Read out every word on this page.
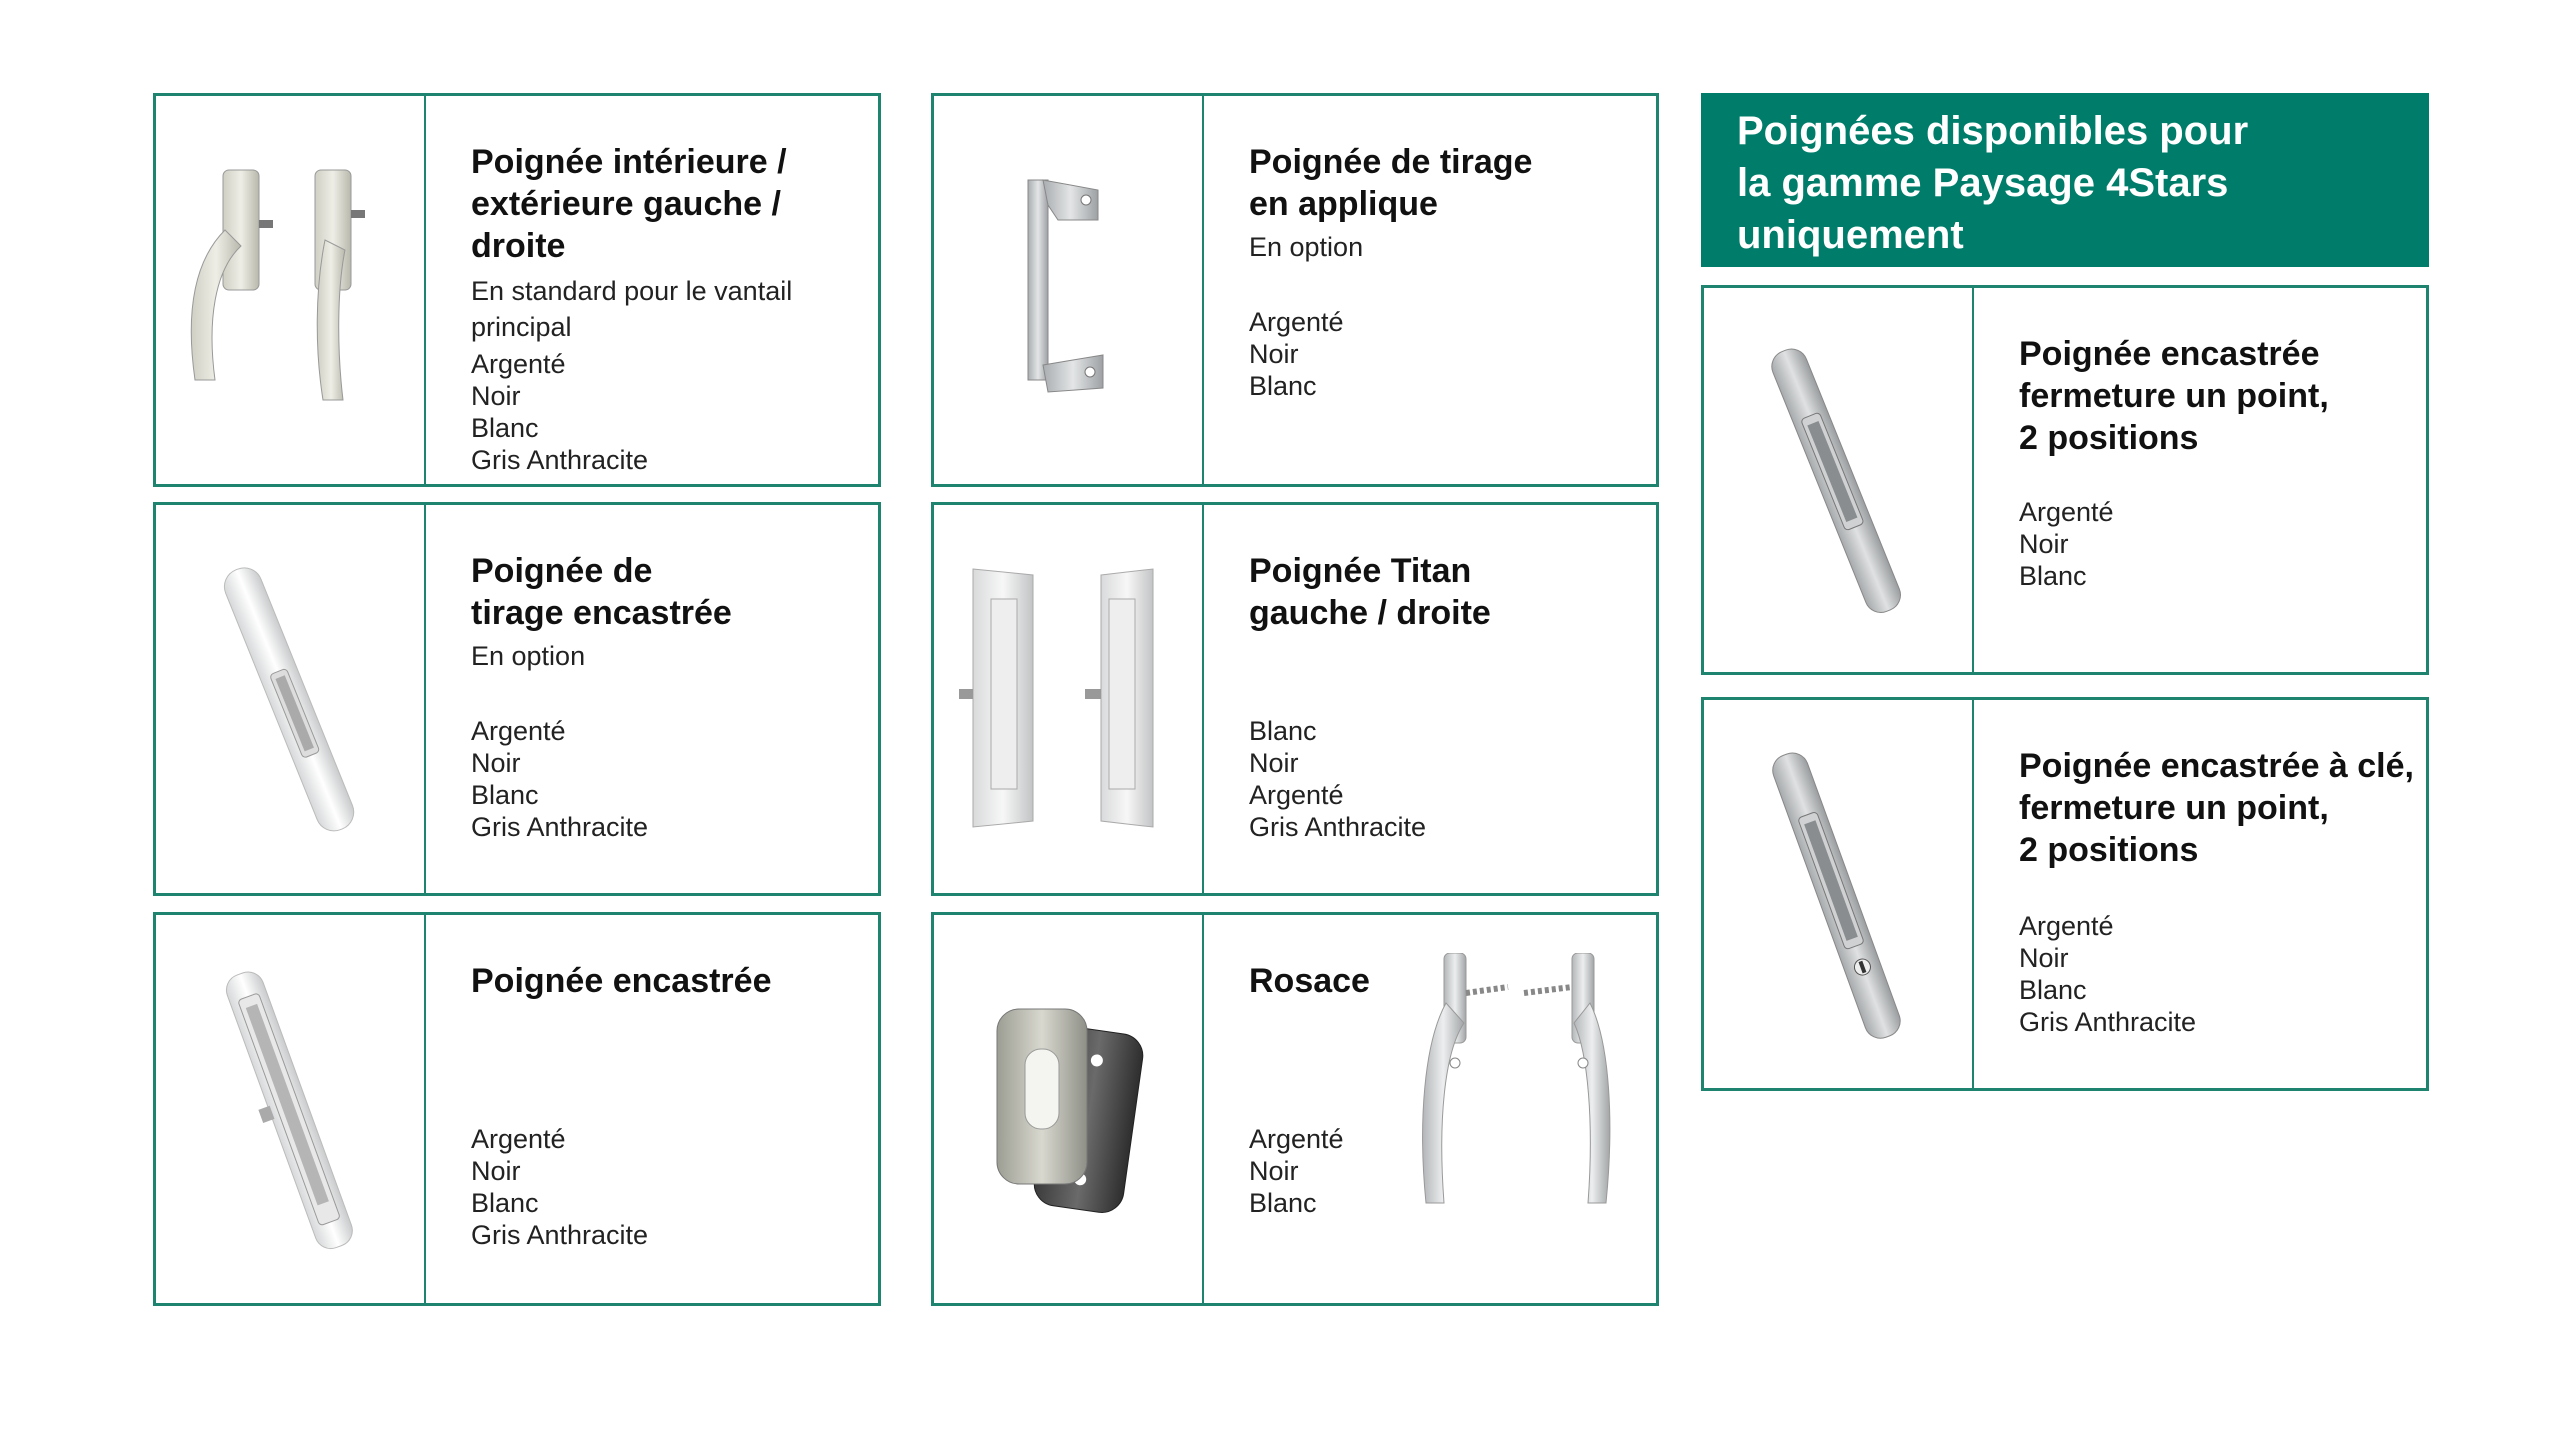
Poignées disponibles pour
la gamme Paysage 4Stars
uniquement
Poignée intérieure /
extérieure gauche /
droite
En standard pour le vantail
principal
Argenté
Noir
Blanc
Gris Anthracite
Poignée de tirage
en applique
En option
Argenté
Noir
Blanc
Poignée de
tirage encastrée
En option
Argenté
Noir
Blanc
Gris Anthracite
Poignée Titan
gauche / droite
Blanc
Noir
Argenté
Gris Anthracite
Poignée encastrée
Argenté
Noir
Blanc
Gris Anthracite
Rosace
Argenté
Noir
Blanc
Poignée encastrée
fermeture un point,
2 positions
Argenté
Noir
Blanc
Poignée encastrée à clé,
fermeture un point,
2 positions
Argenté
Noir
Blanc
Gris Anthracite
